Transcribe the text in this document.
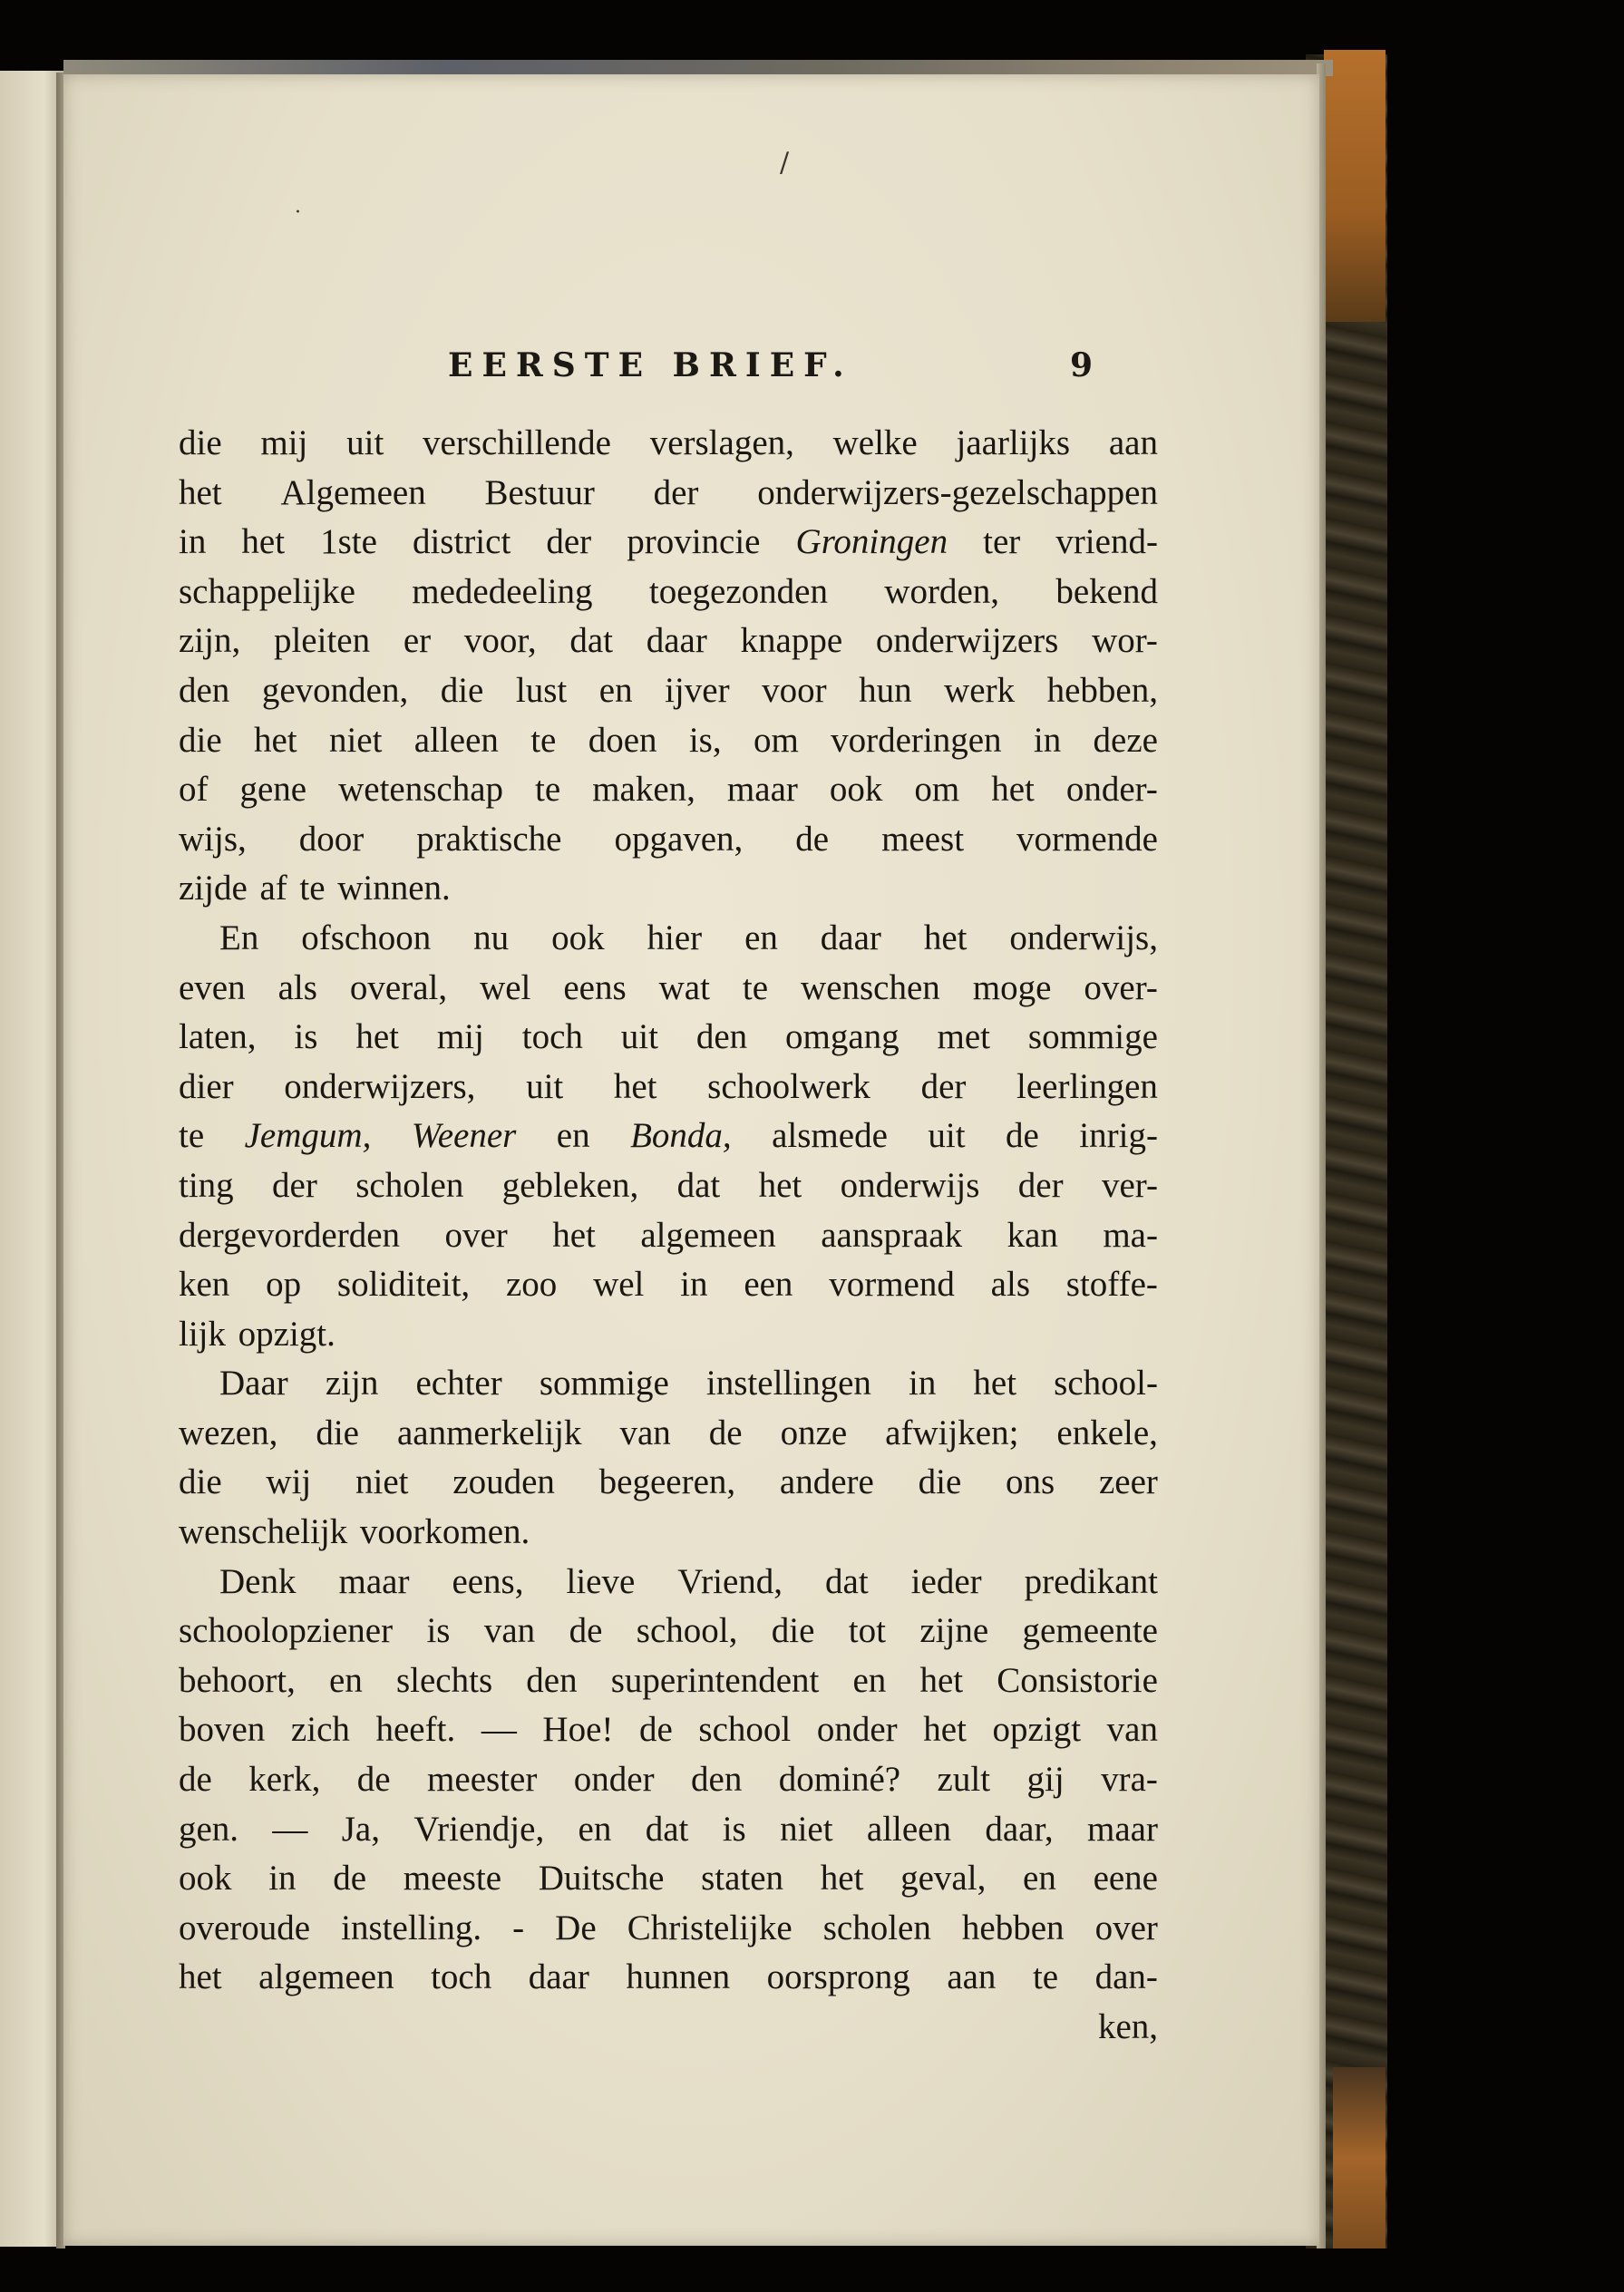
/
·
EERSTE BRIEF.	9
die mij uit verschillende verslagen, welke jaarlijks aan
het Algemeen Bestuur der onderwijzers-gezelschappen
in het 1ste district der provincie Groningen ter vriend-
schappelijke mededeeling toegezonden worden, bekend
zijn, pleiten er voor, dat daar knappe onderwijzers wor-
den gevonden, die lust en ijver voor hun werk hebben,
die het niet alleen te doen is, om vorderingen in deze
of gene wetenschap te maken, maar ook om het onder-
wijs, door praktische opgaven, de meest vormende
zijde af te winnen.
En ofschoon nu ook hier en daar het onderwijs,
even als overal, wel eens wat te wenschen moge over-
laten, is het mij toch uit den omgang met sommige
dier onderwijzers, uit het schoolwerk der leerlingen
te Jemgum, Weener en Bonda, alsmede uit de inrig-
ting der scholen gebleken, dat het onderwijs der ver-
dergevorderden over het algemeen aanspraak kan ma-
ken op soliditeit, zoo wel in een vormend als stoffe-
lijk opzigt.
Daar zijn echter sommige instellingen in het school-
wezen, die aanmerkelijk van de onze afwijken; enkele,
die wij niet zouden begeeren, andere die ons zeer
wenschelijk voorkomen.
Denk maar eens, lieve Vriend, dat ieder predikant
schoolopziener is van de school, die tot zijne gemeente
behoort, en slechts den superintendent en het Consistorie
boven zich heeft. — Hoe! de school onder het opzigt van
de kerk, de meester onder den dominé? zult gij vra-
gen. — Ja, Vriendje, en dat is niet alleen daar, maar
ook in de meeste Duitsche staten het geval, en eene
overoude instelling. - De Christelijke scholen hebben over
het algemeen toch daar hunnen oorsprong aan te dan-
ken,
